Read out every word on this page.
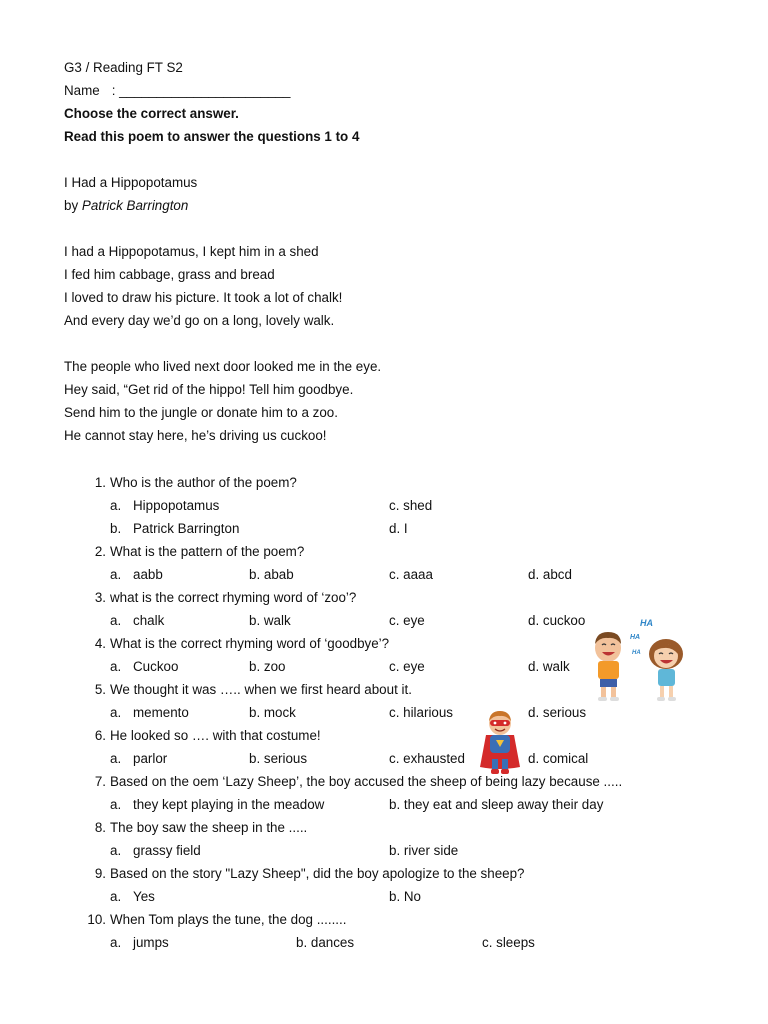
G3 / Reading FT S2
Name : _______________________
Choose the correct answer.
Read this poem to answer the questions 1 to 4
I Had a Hippopotamus
by Patrick Barrington
I had a Hippopotamus, I kept him in a shed
I fed him cabbage, grass and bread
I loved to draw his picture. It took a lot of chalk!
And every day we’d go on a long, lovely walk.
The people who lived next door looked me in the eye.
Hey said, “Get rid of the hippo! Tell him goodbye.
Send him to the jungle or donate him to a zoo.
He cannot stay here, he’s driving us cuckoo!
1. Who is the author of the poem?
a. Hippopotamus	c. shed
b. Patrick Barrington	d. I
2. What is the pattern of the poem?
a. aabb	b. abab	c. aaaa	d. abcd
3. what is the correct rhyming word of ‘zoo’?
a. chalk	b. walk	c. eye	d. cuckoo
4. What is the correct rhyming word of ‘goodbye’?
a. Cuckoo	b. zoo	c. eye	d. walk
5. We thought it was ….. when we first heard about it.
a. memento	b. mock	c. hilarious	d. serious
6. He looked so …. with that costume!
a. parlor	b. serious	c. exhausted	d. comical
7. Based on the oem ‘Lazy Sheep’, the boy accused the sheep of being lazy because .....
a. they kept playing in the meadow	b. they eat and sleep away their day
8. The boy saw the sheep in the .....
a. grassy field	b. river side
9. Based on the story "Lazy Sheep", did the boy apologize to the sheep?
a. Yes	b. No
10. When Tom plays the tune, the dog ........
a. jumps	b. dances	c. sleeps
HA
HA
HA
